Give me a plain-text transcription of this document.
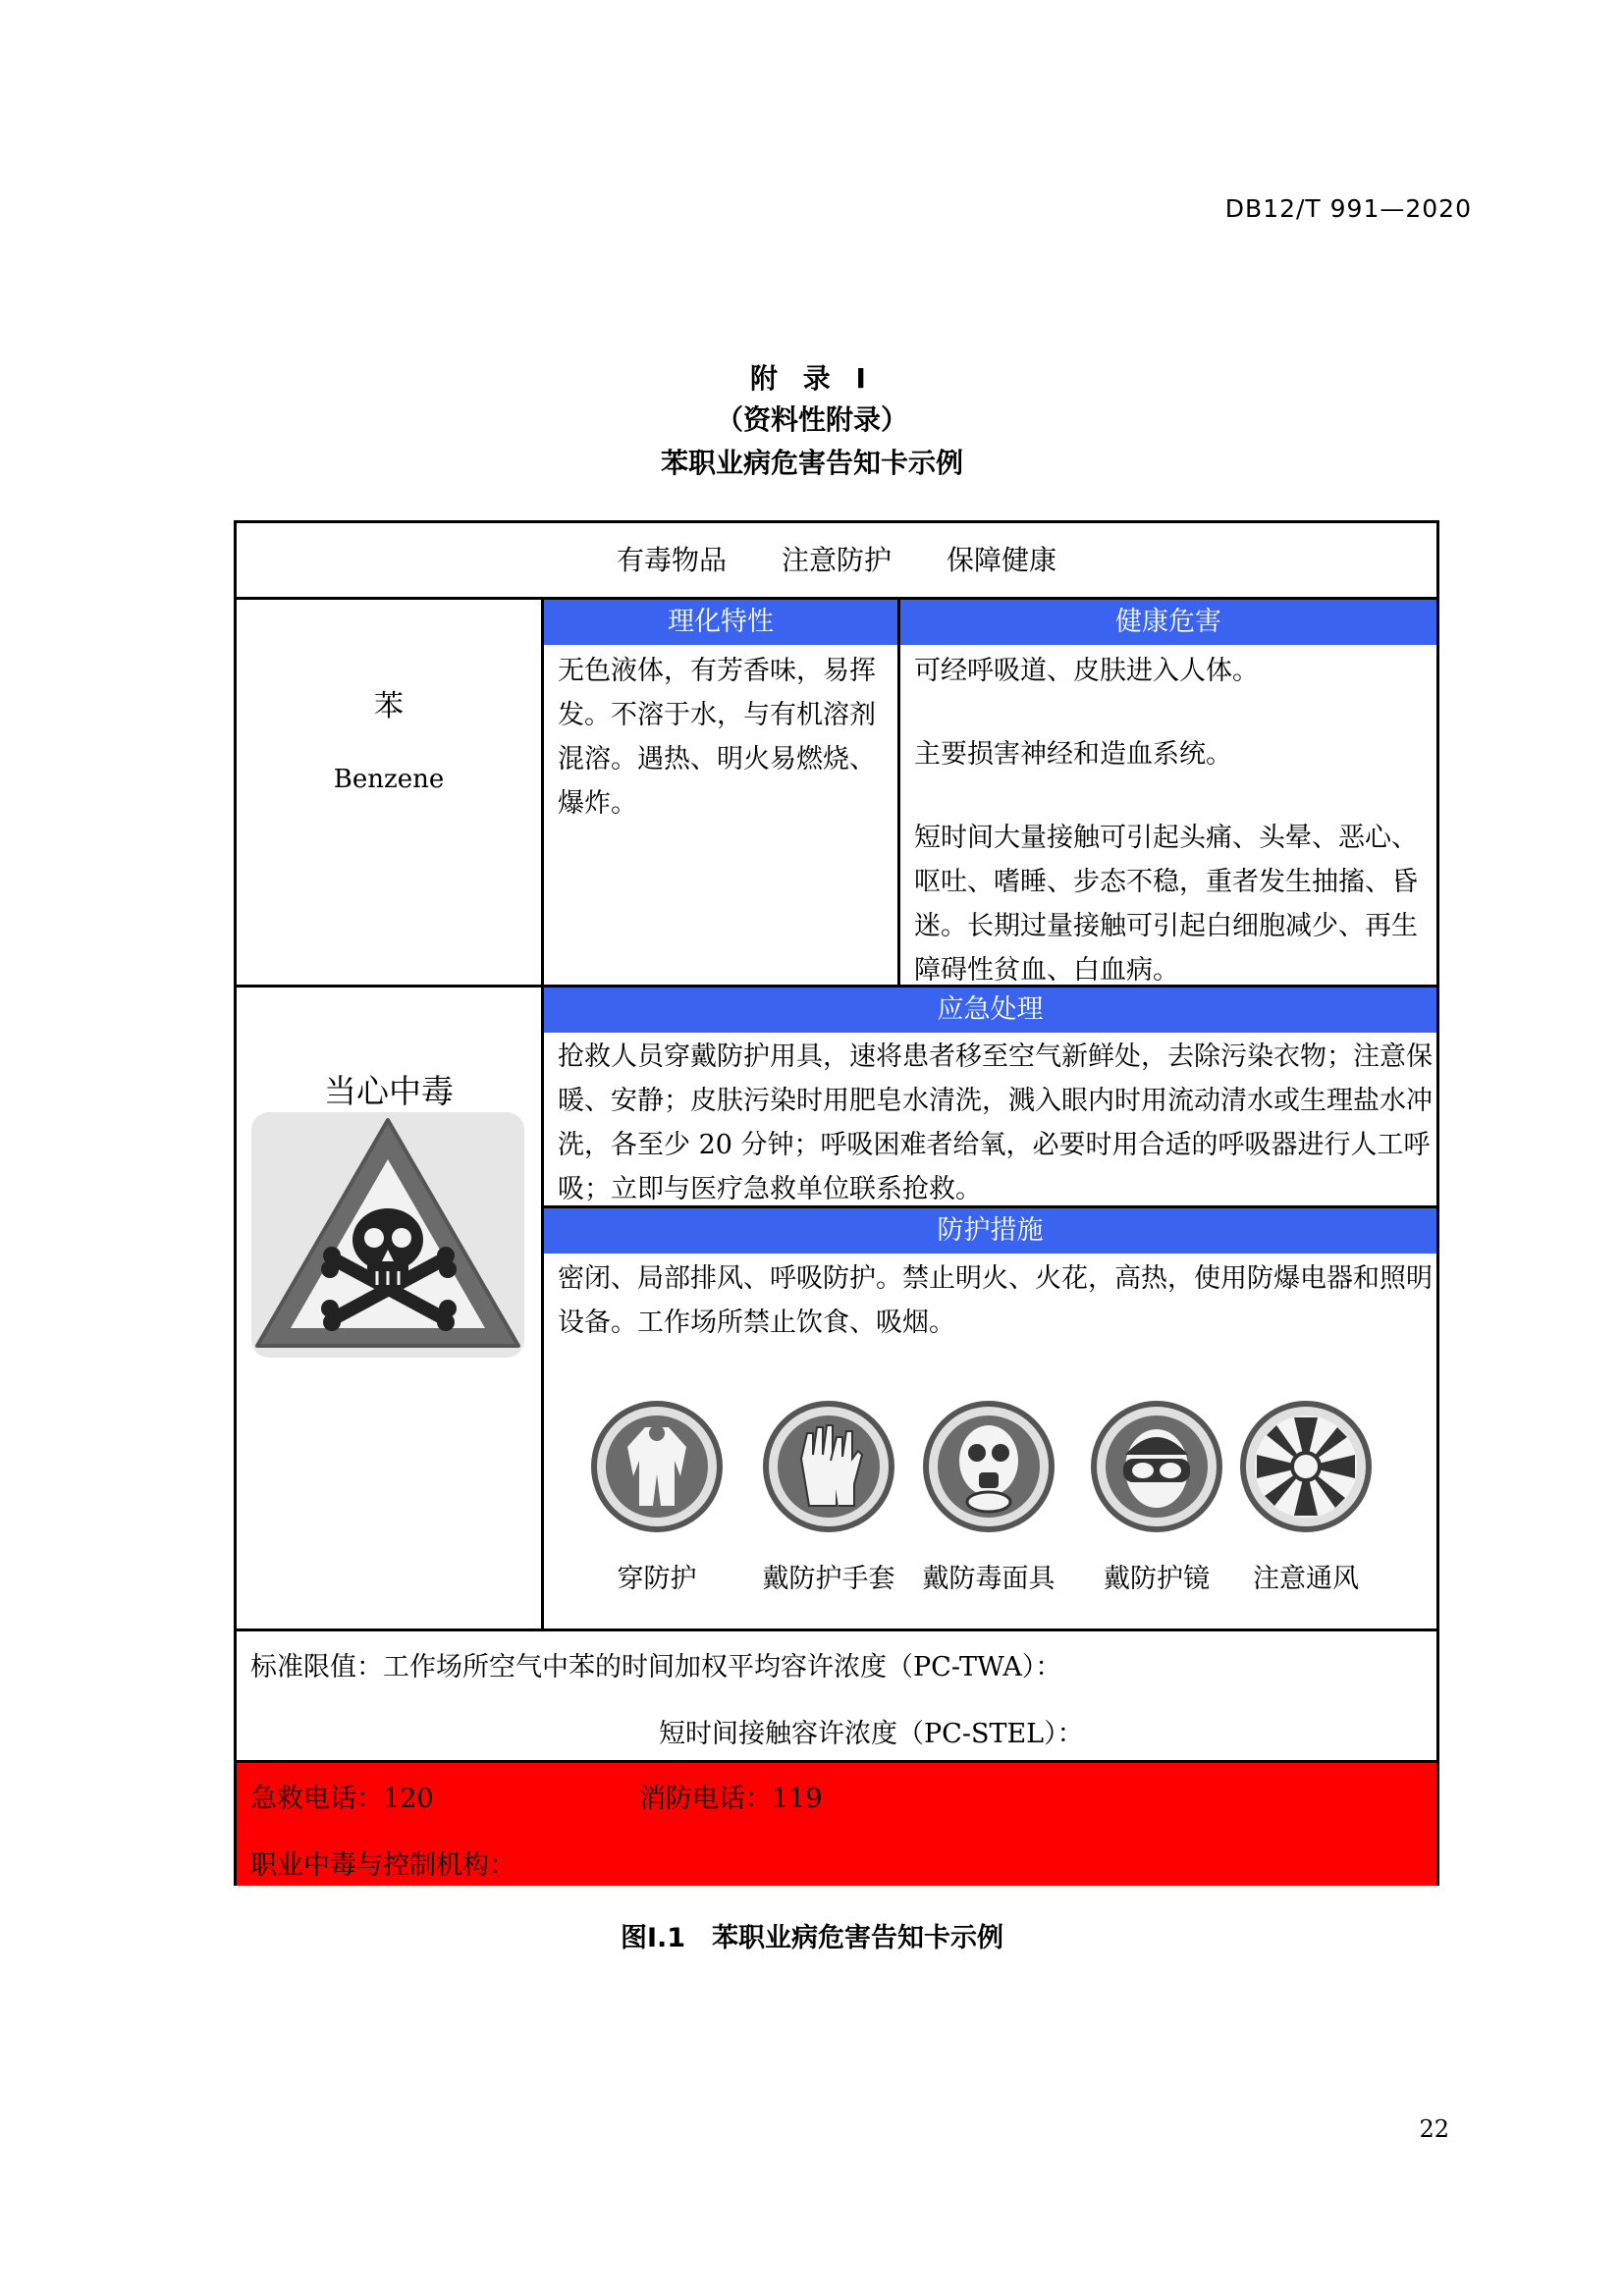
DB12/T 991—2020
附 录 I
（资料性附录）
苯职业病危害告知卡示例
有毒物品　　注意防护　　保障健康
苯
Benzene
理化特性
无色液体，有芳香味，易挥发。不溶于水，与有机溶剂混溶。遇热、明火易燃烧、爆炸。
健康危害
可经呼吸道、皮肤进入人体。
主要损害神经和造血系统。
短时间大量接触可引起头痛、头晕、恶心、呕吐、嗜睡、步态不稳，重者发生抽搐、昏迷。长期过量接触可引起白细胞减少、再生障碍性贫血、白血病。
当心中毒
应急处理
抢救人员穿戴防护用具，速将患者移至空气新鲜处，去除污染衣物；注意保暖、安静；皮肤污染时用肥皂水清洗，溅入眼内时用流动清水或生理盐水冲洗，各至少 20 分钟；呼吸困难者给氧，必要时用合适的呼吸器进行人工呼吸；立即与医疗急救单位联系抢救。
防护措施
密闭、局部排风、呼吸防护。禁止明火、火花，高热，使用防爆电器和照明设备。工作场所禁止饮食、吸烟。
穿防护	戴防护手套	戴防毒面具	戴防护镜	注意通风
标准限值：工作场所空气中苯的时间加权平均容许浓度（PC-TWA）：
短时间接触容许浓度（PC-STEL）：
急救电话：120	消防电话：119
职业中毒与控制机构：
图I.1　苯职业病危害告知卡示例
22
